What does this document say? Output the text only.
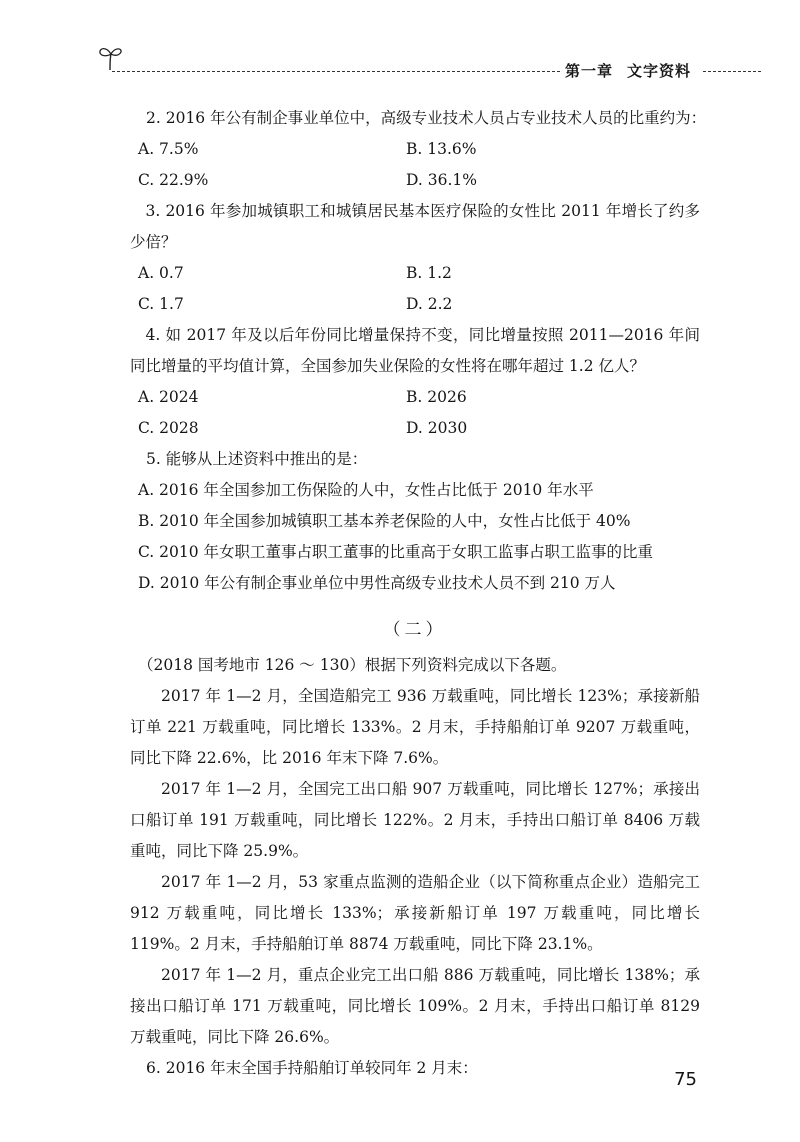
第一章 文字资料
2. 2016 年公有制企事业单位中，高级专业技术人员占专业技术人员的比重约为：
A. 7.5%	B. 13.6%
C. 22.9%	D. 36.1%

3. 2016 年参加城镇职工和城镇居民基本医疗保险的女性比 2011 年增长了约多少倍？

A. 0.7	B. 1.2
C. 1.7	D. 2.2

4. 如 2017 年及以后年份同比增量保持不变，同比增量按照 2011—2016 年间同比增量的平均值计算，全国参加失业保险的女性将在哪年超过 1.2 亿人？

A. 2024	B. 2026
C. 2028	D. 2030
5. 能够从上述资料中推出的是：
A. 2016 年全国参加工伤保险的人中，女性占比低于 2010 年水平
B. 2010 年全国参加城镇职工基本养老保险的人中，女性占比低于 40%
C. 2010 年女职工董事占职工董事的比重高于女职工监事占职工监事的比重
D. 2010 年公有制企事业单位中男性高级专业技术人员不到 210 万人
（二）
（2018 国考地市 126 ～ 130）根据下列资料完成以下各题。

2017 年 1—2 月，全国造船完工 936 万载重吨，同比增长 123%；承接新船订单 221 万载重吨，同比增长 133%。2 月末，手持船舶订单 9207 万载重吨，同比下降 22.6%，比 2016 年末下降 7.6%。

2017 年 1—2 月，全国完工出口船 907 万载重吨，同比增长 127%；承接出口船订单 191 万载重吨，同比增长 122%。2 月末，手持出口船订单 8406 万载重吨，同比下降 25.9%。

2017 年 1—2 月，53 家重点监测的造船企业（以下简称重点企业）造船完工 912 万载重吨，同比增长 133%；承接新船订单 197 万载重吨，同比增长 119%。2 月末，手持船舶订单 8874 万载重吨，同比下降 23.1%。

2017 年 1—2 月，重点企业完工出口船 886 万载重吨，同比增长 138%；承接出口船订单 171 万载重吨，同比增长 109%。2 月末，手持出口船订单 8129 万载重吨，同比下降 26.6%。

6. 2016 年末全国手持船舶订单较同年 2 月末：
75
